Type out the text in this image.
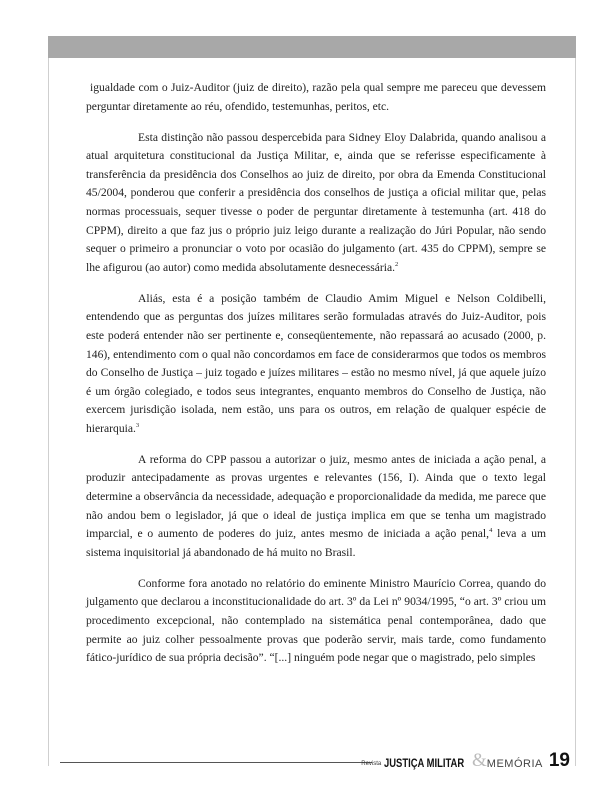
igualdade com o Juiz-Auditor (juiz de direito), razão pela qual sempre me pareceu que devessem perguntar diretamente ao réu, ofendido, testemunhas, peritos, etc.

Esta distinção não passou despercebida para Sidney Eloy Dalabrida, quando analisou a atual arquitetura constitucional da Justiça Militar, e, ainda que se referisse especificamente à transferência da presidência dos Conselhos ao juiz de direito, por obra da Emenda Constitucional 45/2004, ponderou que conferir a presidência dos conselhos de justiça a oficial militar que, pelas normas processuais, sequer tivesse o poder de perguntar diretamente à testemunha (art. 418 do CPPM), direito a que faz jus o próprio juiz leigo durante a realização do Júri Popular, não sendo sequer o primeiro a pronunciar o voto por ocasião do julgamento (art. 435 do CPPM), sempre se lhe afigurou (ao autor) como medida absolutamente desnecessária.$^2$

Aliás, esta é a posição também de Claudio Amim Miguel e Nelson Coldibelli, entendendo que as perguntas dos juízes militares serão formuladas através do Juiz-Auditor, pois este poderá entender não ser pertinente e, conseqüentemente, não repassará ao acusado (2000, p. 146), entendimento com o qual não concordamos em face de considerarmos que todos os membros do Conselho de Justiça – juiz togado e juízes militares – estão no mesmo nível, já que aquele juízo é um órgão colegiado, e todos seus integrantes, enquanto membros do Conselho de Justiça, não exercem jurisdição isolada, nem estão, uns para os outros, em relação de qualquer espécie de hierarquia.$^3$

A reforma do CPP passou a autorizar o juiz, mesmo antes de iniciada a ação penal, a produzir antecipadamente as provas urgentes e relevantes (156, I). Ainda que o texto legal determine a observância da necessidade, adequação e proporcionalidade da medida, me parece que não andou bem o legislador, já que o ideal de justiça implica em que se tenha um magistrado imparcial, e o aumento de poderes do juiz, antes mesmo de iniciada a ação penal,$^4$ leva a um sistema inquisitorial já abandonado de há muito no Brasil.

Conforme fora anotado no relatório do eminente Ministro Maurício Correa, quando do julgamento que declarou a inconstitucionalidade do art. 3º da Lei nº 9034/1995, “o art. 3º criou um procedimento excepcional, não contemplado na sistemática penal contemporânea, dado que permite ao juiz colher pessoalmente provas que poderão servir, mais tarde, como fundamento fático-jurídico de sua própria decisão”. “[...] ninguém pode negar que o magistrado, pelo simples

Revista JUSTIÇA MILITAR & MEMÓRIA 19
